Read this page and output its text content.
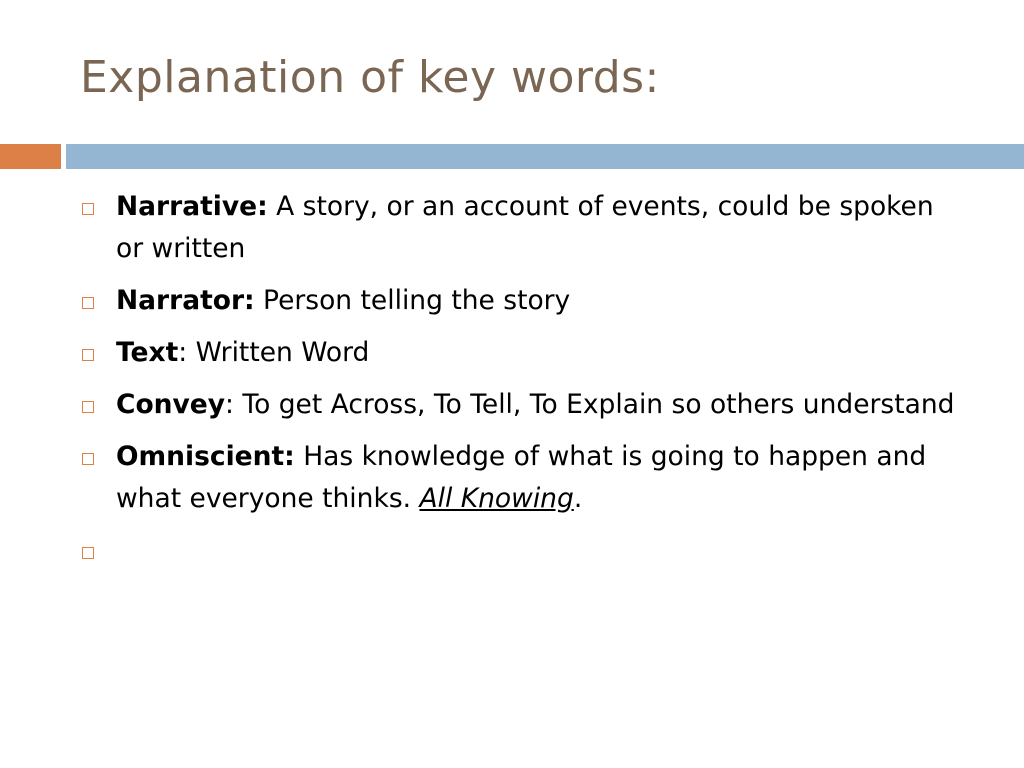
Explanation of key words:
Narrative: A story, or an account of events, could be spoken or written
Narrator: Person telling the story
Text: Written Word
Convey: To get Across, To Tell, To Explain so others understand
Omniscient: Has knowledge of what is going to happen and what everyone thinks. All Knowing.
